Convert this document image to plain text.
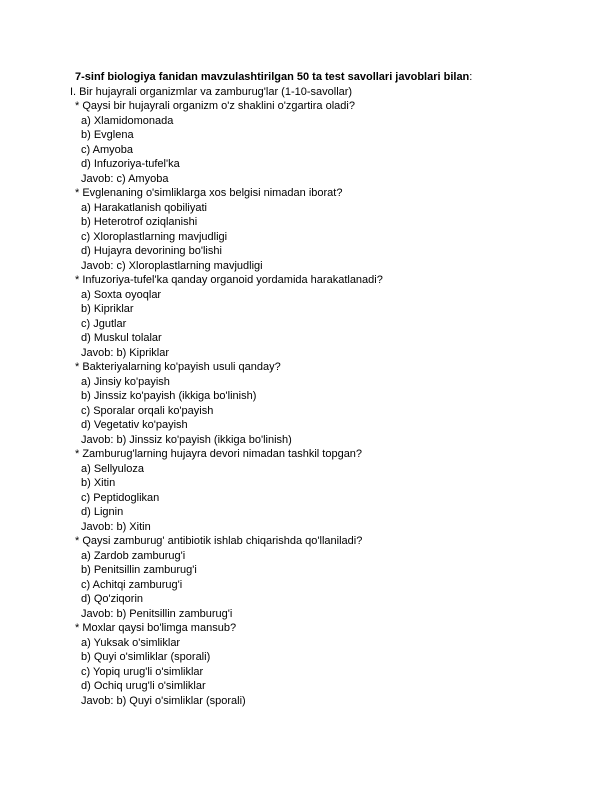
7-sinf biologiya fanidan mavzulashtirilgan 50 ta test savollari javoblari bilan:
I. Bir hujayrali organizmlar va zamburug'lar (1-10-savollar)
* Qaysi bir hujayrali organizm o'z shaklini o'zgartira oladi?
a) Xlamidomonada
b) Evglena
c) Amyoba
d) Infuzoriya-tufel'ka
Javob: c) Amyoba
* Evglenaning o'simliklarga xos belgisi nimadan iborat?
a) Harakatlanish qobiliyati
b) Heterotrof oziqlanishi
c) Xloroplastlarning mavjudligi
d) Hujayra devorining bo'lishi
Javob: c) Xloroplastlarning mavjudligi
* Infuzoriya-tufel'ka qanday organoid yordamida harakatlanadi?
a) Soxta oyoqlar
b) Kipriklar
c) Jgutlar
d) Muskul tolalar
Javob: b) Kipriklar
* Bakteriyalarning ko'payish usuli qanday?
a) Jinsiy ko'payish
b) Jinssiz ko'payish (ikkiga bo'linish)
c) Sporalar orqali ko'payish
d) Vegetativ ko'payish
Javob: b) Jinssiz ko'payish (ikkiga bo'linish)
* Zamburug'larning hujayra devori nimadan tashkil topgan?
a) Sellyuloza
b) Xitin
c) Peptidoglikan
d) Lignin
Javob: b) Xitin
* Qaysi zamburug' antibiotik ishlab chiqarishda qo'llaniladi?
a) Zardob zamburug'i
b) Penitsillin zamburug'i
c) Achitqi zamburug'i
d) Qo'ziqorin
Javob: b) Penitsillin zamburug'i
* Moxlar qaysi bo'limga mansub?
a) Yuksak o'simliklar
b) Quyi o'simliklar (sporali)
c) Yopiq urug'li o'simliklar
d) Ochiq urug'li o'simliklar
Javob: b) Quyi o'simliklar (sporali)
